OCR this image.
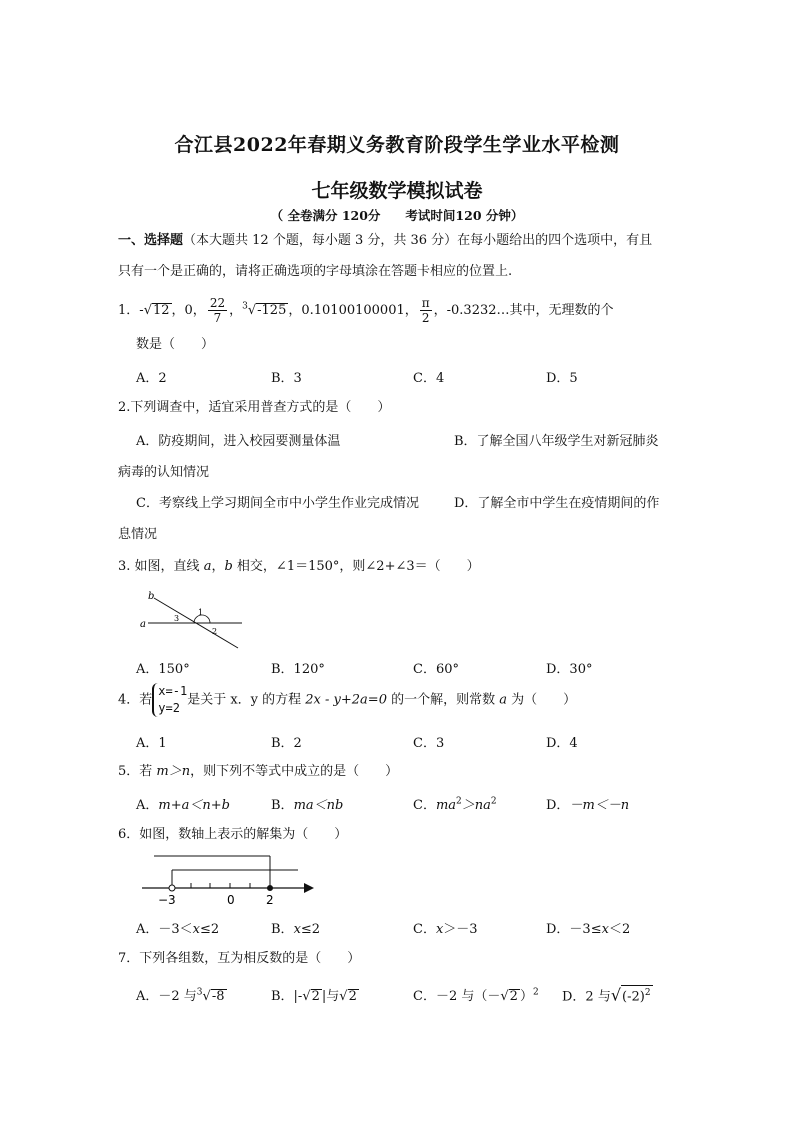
合江县2022年春期义务教育阶段学生学业水平检测
七年级数学模拟试卷
（ 全卷满分 120分　　考试时间120 分钟）
一、选择题（本大题共 12 个题，每小题 3 分，共 36 分）在每小题给出的四个选项中，有且
只有一个是正确的，请将正确选项的字母填涂在答题卡相应的位置上.
1．-√12 ，0， $\frac{22}{7}$ ，$^3$√-125 ，0.10100100001， $\frac{\pi}{2}$ ，-0.3232…其中，无理数的个
数是（　　）
A．2	B．3	C．4	D．5
2.下列调查中，适宜采用普查方式的是（　　）
A．防疫期间，进入校园要测量体温	B．了解全国八年级学生对新冠肺炎
病毒的认知情况
C．考察线上学习期间全市中小学生作业完成情况	D．了解全市中学生在疫情期间的作
息情况
3. 如图，直线 a，b 相交，∠1＝150°，则∠2+∠3＝（　　）
b
a
1
2
3
A．150°	B．120°	C．60°	D．30°
4．若
x=-1
y=2
是关于 x．y 的方程 2x - y+2a=0 的一个解，则常数 a 为（　　）
A．1	B．2	C．3	D．4
5．若 m＞n，则下列不等式中成立的是（　　）
A．m+a＜n+b	B．ma＜nb	C．$ma^2>na^2$	D．－m＜－n
6．如图，数轴上表示的解集为（　　）
−3	0	2
A．－3＜x≤2	B．x≤2	C．x＞－3	D．－3≤x＜2
7．下列各组数，互为相反数的是（　　）
A．－2 与$^3$√-8	B．|-√2 |与√2	C．－2 与（－√2 ）$^2$ D．2 与$√(-2)^2$
